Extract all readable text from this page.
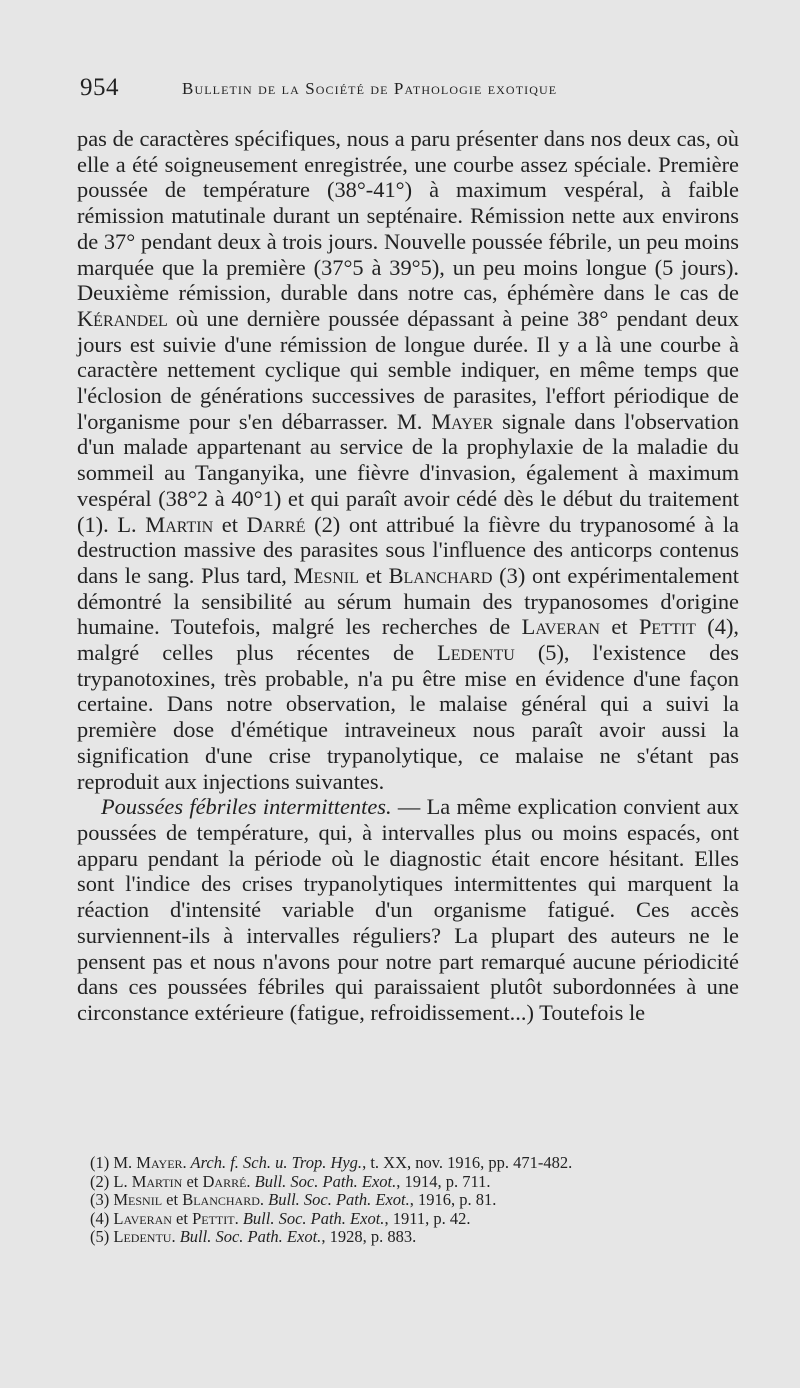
954	Bulletin de la Société de Pathologie exotique

pas de caractères spécifiques, nous a paru présenter dans nos deux cas, où elle a été soigneusement enregistrée, une courbe assez spéciale. Première poussée de température (38°-41°) à maximum vespéral, à faible rémission matutinale durant un septénaire. Rémission nette aux environs de 37° pendant deux à trois jours. Nouvelle poussée fébrile, un peu moins marquée que la première (37°5 à 39°5), un peu moins longue (5 jours). Deuxième rémission, durable dans notre cas, éphémère dans le cas de Kérandel où une dernière poussée dépassant à peine 38° pendant deux jours est suivie d'une rémission de longue durée. Il y a là une courbe à caractère nettement cyclique qui semble indiquer, en même temps que l'éclosion de générations successives de parasites, l'effort périodique de l'organisme pour s'en débarrasser. M. Mayer signale dans l'observation d'un malade appartenant au service de la prophylaxie de la maladie du sommeil au Tanganyika, une fièvre d'invasion, également à maximum vespéral (38°2 à 40°1) et qui paraît avoir cédé dès le début du traitement (1). L. Martin et Darré (2) ont attribué la fièvre du trypanosomé à la destruction massive des parasites sous l'influence des anticorps contenus dans le sang. Plus tard, Mesnil et Blanchard (3) ont expérimentalement démontré la sensibilité au sérum humain des trypanosomes d'origine humaine. Toutefois, malgré les recherches de Laveran et Pettit (4), malgré celles plus récentes de Ledentu (5), l'existence des trypanotoxines, très probable, n'a pu être mise en évidence d'une façon certaine. Dans notre observation, le malaise général qui a suivi la première dose d'émétique intraveineux nous paraît avoir aussi la signification d'une crise trypanolytique, ce malaise ne s'étant pas reproduit aux injections suivantes.

Poussées fébriles intermittentes. — La même explication convient aux poussées de température, qui, à intervalles plus ou moins espacés, ont apparu pendant la période où le diagnostic était encore hésitant. Elles sont l'indice des crises trypanolytiques intermittentes qui marquent la réaction d'intensité variable d'un organisme fatigué. Ces accès surviennent-ils à intervalles réguliers? La plupart des auteurs ne le pensent pas et nous n'avons pour notre part remarqué aucune périodicité dans ces poussées fébriles qui paraissaient plutôt subordonnées à une circonstance extérieure (fatigue, refroidissement...) Toutefois le

(1) M. Mayer. Arch. f. Sch. u. Trop. Hyg., t. XX, nov. 1916, pp. 471-482.
(2) L. Martin et Darré. Bull. Soc. Path. Exot., 1914, p. 711.
(3) Mesnil et Blanchard. Bull. Soc. Path. Exot., 1916, p. 81.
(4) Laveran et Pettit. Bull. Soc. Path. Exot., 1911, p. 42.
(5) Ledentu. Bull. Soc. Path. Exot., 1928, p. 883.
